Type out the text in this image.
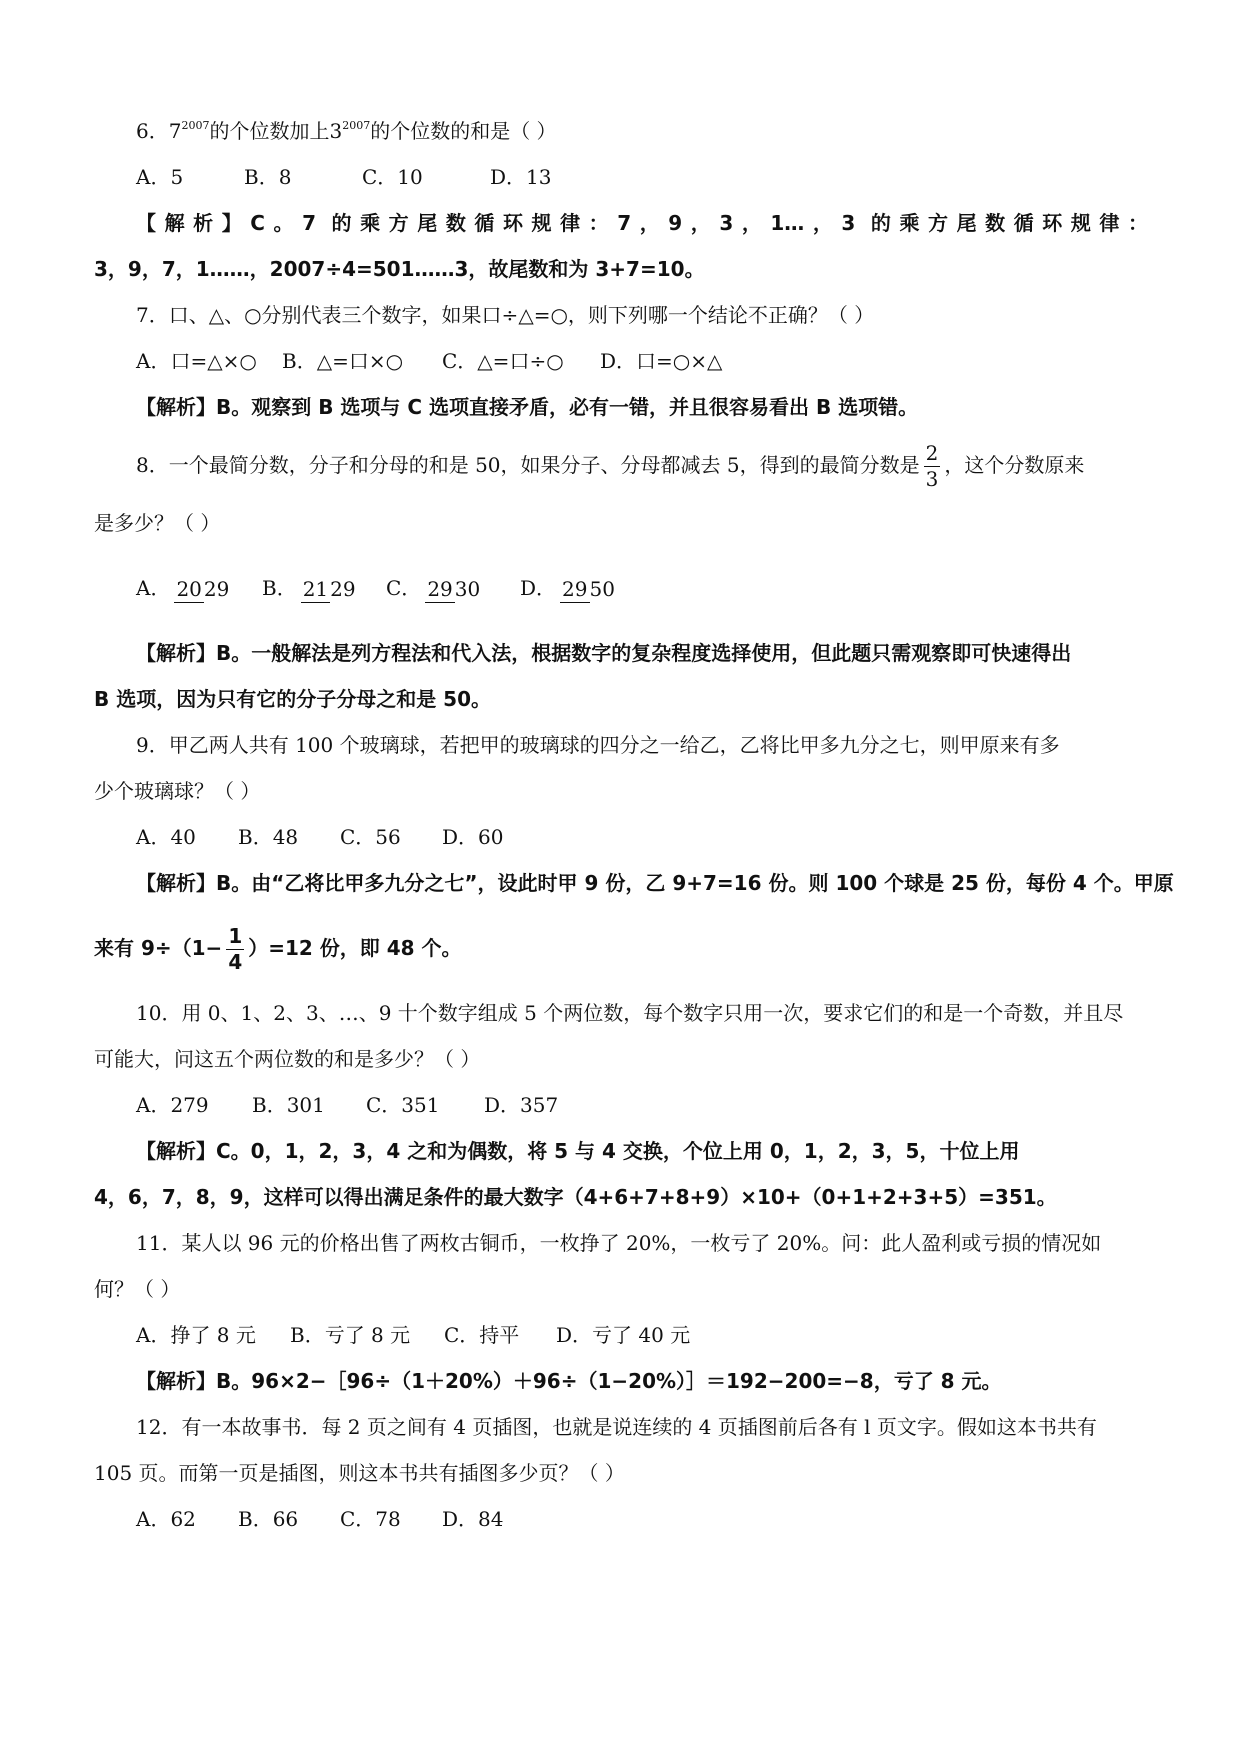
6．$7^{2007}$的个位数加上$3^{2007}$的个位数的和是（ ）
A．5	B．8	C．10	D．13
【解析】C。7 的乘方尾数循环规律：7，9，3，1…，3 的乘方尾数循环规律：
3，9，7，1……，2007÷4=501……3，故尾数和为 3+7=10。
7．口、△、○分别代表三个数字，如果口÷△=○，则下列哪一个结论不正确？（ ）
A．口=△×○ B．△=口×○ C．△=口÷○ D．口=○×△
【解析】B。观察到 B 选项与 C 选项直接矛盾，必有一错，并且很容易看出 B 选项错。
8．一个最简分数，分子和分母的和是 50，如果分子、分母都减去 5，得到的最简分数是 $\frac{2}{3}$ ，这个分数原来
是多少？（ ）
A． 20 29 B． 21 29 C． 29 30 D． 29 50
【解析】B。一般解法是列方程法和代入法，根据数字的复杂程度选择使用，但此题只需观察即可快速得出
B 选项，因为只有它的分子分母之和是 50。
9．甲乙两人共有 100 个玻璃球，若把甲的玻璃球的四分之一给乙，乙将比甲多九分之七，则甲原来有多
少个玻璃球？（ ）
A．40 B．48 C．56 D．60
【解析】B。由“乙将比甲多九分之七”，设此时甲 9 份，乙 9+7=16 份。则 100 个球是 25 份，每份 4 个。甲原
来有 $9\div(1- \frac{1}{4} )=12$ 份，即 48 个。
10．用 0、1、2、3、…、9 十个数字组成 5 个两位数，每个数字只用一次，要求它们的和是一个奇数，并且尽
可能大，问这五个两位数的和是多少？（ ）
A．279 B．301 C．351 D．357
【解析】C。0，1，2，3，4 之和为偶数，将 5 与 4 交换，个位上用 0，1，2，3，5，十位上用
4，6，7，8，9，这样可以得出满足条件的最大数字（4+6+7+8+9）×10+（0+1+2+3+5）=351。
11．某人以 96 元的价格出售了两枚古铜币，一枚挣了 20%，一枚亏了 20%。问：此人盈利或亏损的情况如
何？（ ）
A．挣了 8 元 B．亏了 8 元 C．持平 D．亏了 40 元
【解析】B。96×2−［96÷（1＋20%）＋96÷（1−20%）］＝192−200=−8，亏了 8 元。
12．有一本故事书．每 2 页之间有 4 页插图，也就是说连续的 4 页插图前后各有 l 页文字。假如这本书共有
105 页。而第一页是插图，则这本书共有插图多少页？（ ）
A．62 B．66 C．78 D．84
